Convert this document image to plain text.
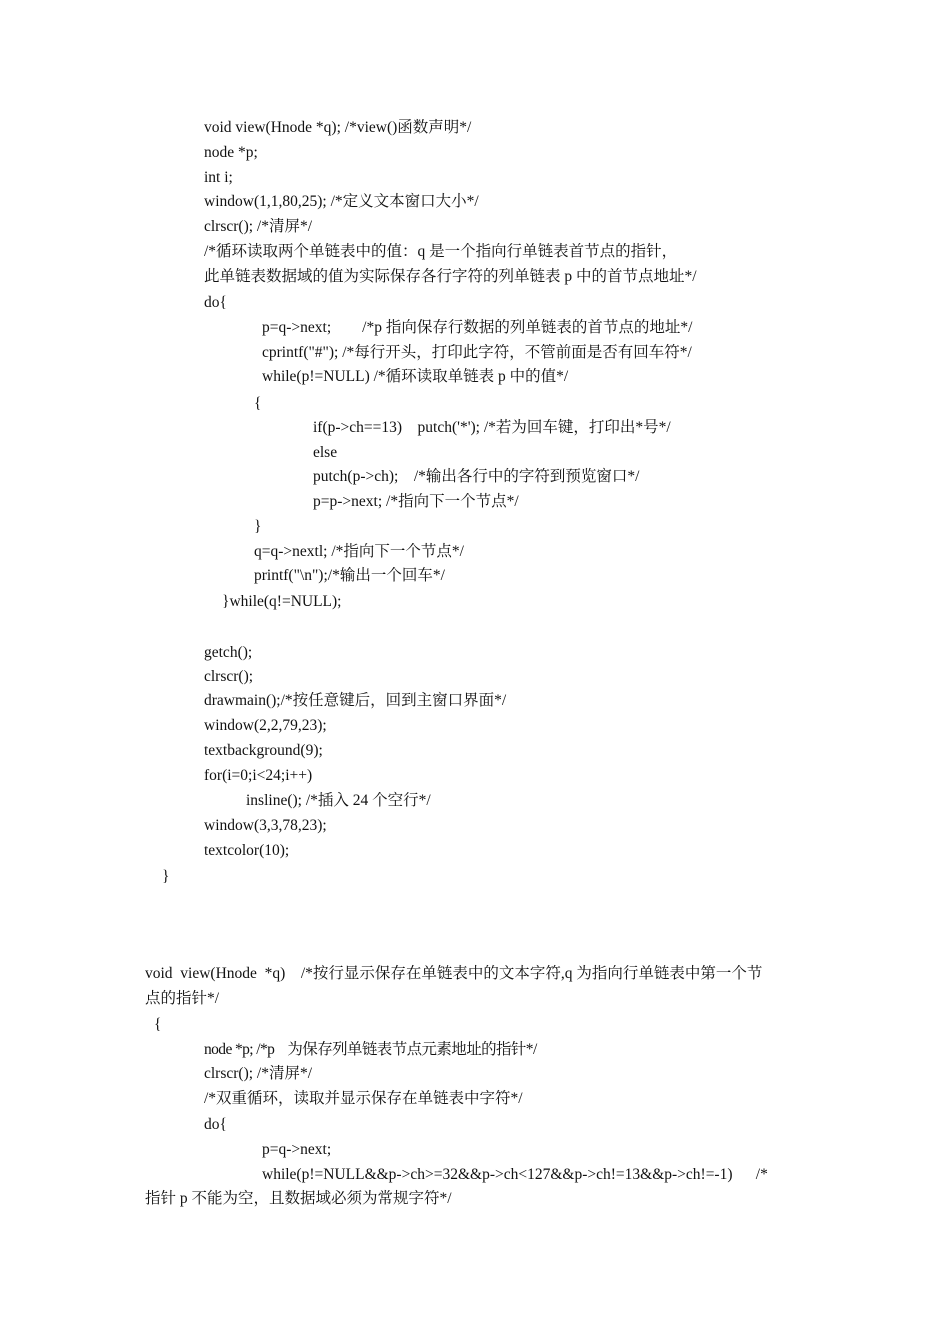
void view(Hnode *q); /*view()函数声明*/
node *p;
int i;
window(1,1,80,25); /*定义文本窗口大小*/
clrscr(); /*清屏*/
/*循环读取两个单链表中的值：q 是一个指向行单链表首节点的指针，
此单链表数据域的值为实际保存各行字符的列单链表 p 中的首节点地址*/
do{
p=q->next;        /*p 指向保存行数据的列单链表的首节点的地址*/
cprintf("#"); /*每行开头，打印此字符，不管前面是否有回车符*/
while(p!=NULL) /*循环读取单链表 p 中的值*/
{
if(p->ch==13)    putch('*'); /*若为回车键，打印出*号*/
else
putch(p->ch);    /*输出各行中的字符到预览窗口*/
p=p->next; /*指向下一个节点*/
}
q=q->nextl; /*指向下一个节点*/
printf("\n");/*输出一个回车*/
}while(q!=NULL);
getch();
clrscr();
drawmain();/*按任意键后，回到主窗口界面*/
window(2,2,79,23);
textbackground(9);
for(i=0;i<24;i++)
insline(); /*插入 24 个空行*/
window(3,3,78,23);
textcolor(10);
}
void  view(Hnode  *q)    /*按行显示保存在单链表中的文本字符,q 为指向行单链表中第一个节
点的指针*/
{
node *p; /*p    为保存列单链表节点元素地址的指针*/
clrscr(); /*清屏*/
/*双重循环，读取并显示保存在单链表中字符*/
do{
p=q->next;
while(p!=NULL&&p->ch>=32&&p->ch<127&&p->ch!=13&&p->ch!=-1)      /*
指针 p 不能为空，且数据域必须为常规字符*/
